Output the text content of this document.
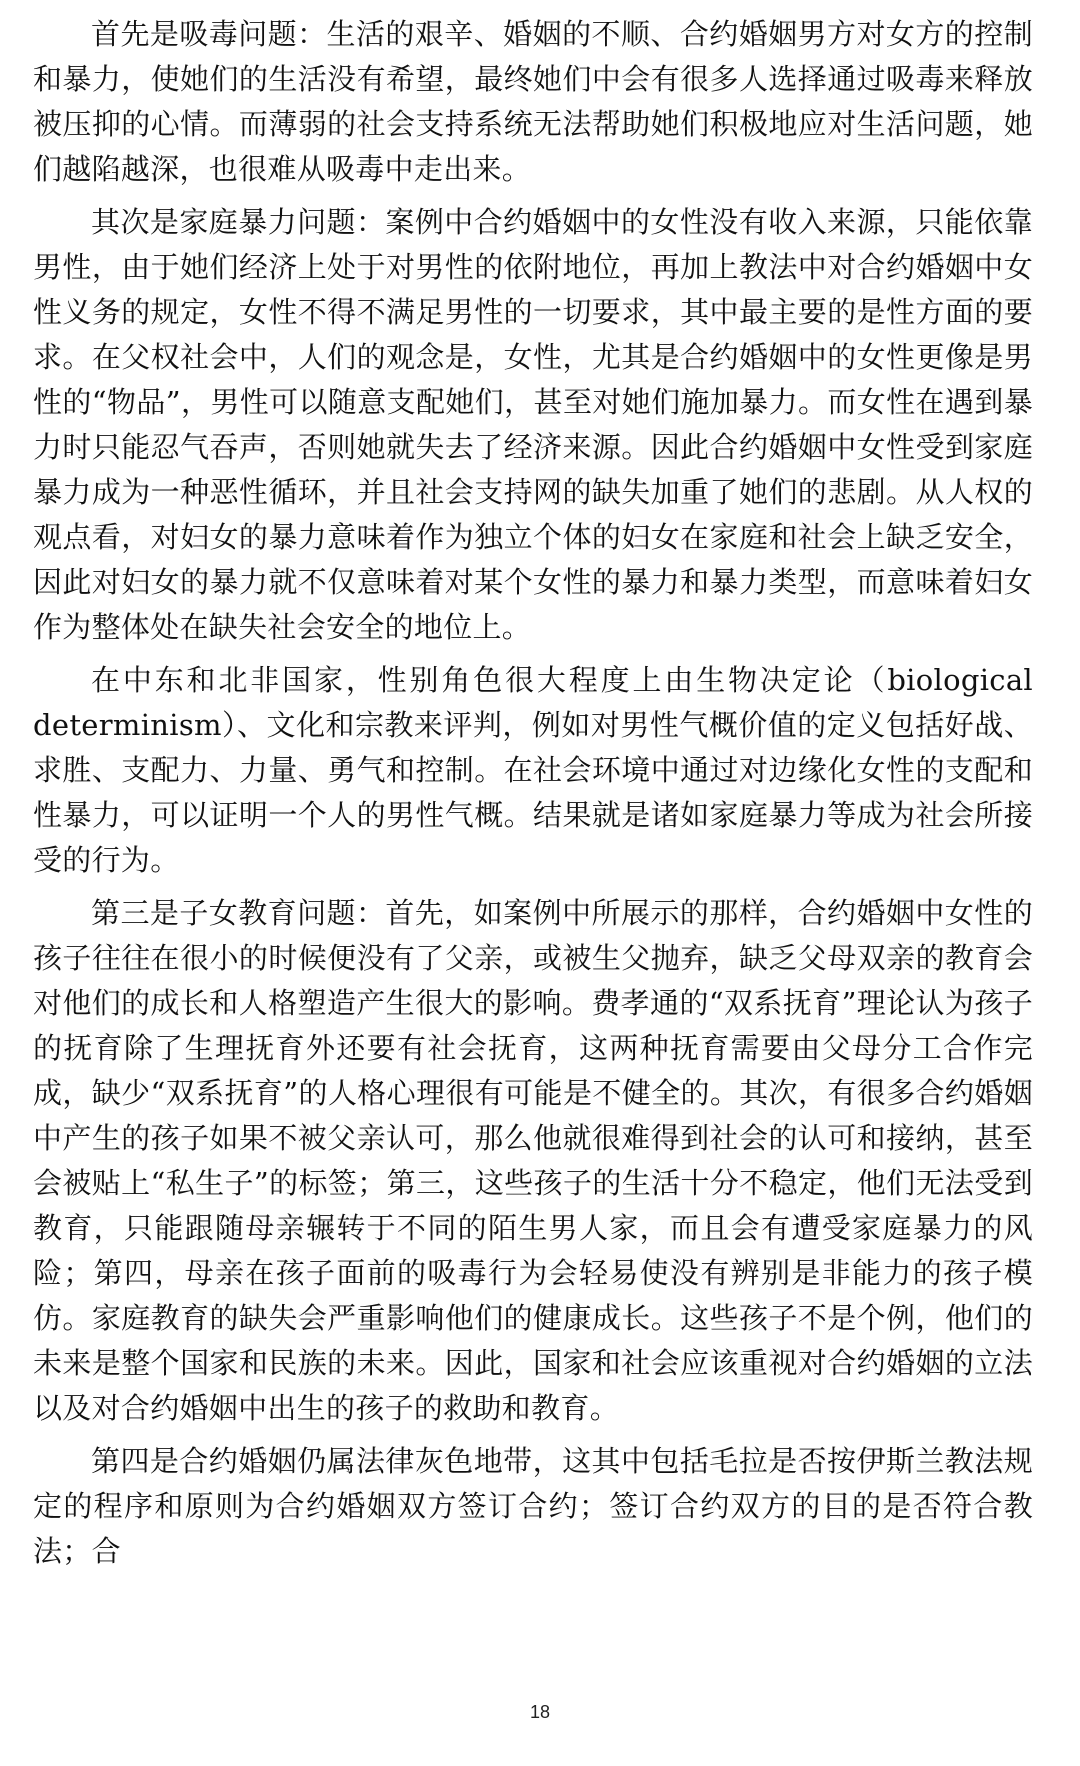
首先是吸毒问题：生活的艰辛、婚姻的不顺、合约婚姻男方对女方的控制和暴力，使她们的生活没有希望，最终她们中会有很多人选择通过吸毒来释放被压抑的心情。而薄弱的社会支持系统无法帮助她们积极地应对生活问题，她们越陷越深，也很难从吸毒中走出来。

其次是家庭暴力问题：案例中合约婚姻中的女性没有收入来源，只能依靠男性，由于她们经济上处于对男性的依附地位，再加上教法中对合约婚姻中女性义务的规定，女性不得不满足男性的一切要求，其中最主要的是性方面的要求。在父权社会中，人们的观念是，女性，尤其是合约婚姻中的女性更像是男性的“物品”，男性可以随意支配她们，甚至对她们施加暴力。而女性在遇到暴力时只能忍气吞声，否则她就失去了经济来源。因此合约婚姻中女性受到家庭暴力成为一种恶性循环，并且社会支持网的缺失加重了她们的悲剧。从人权的观点看，对妇女的暴力意味着作为独立个体的妇女在家庭和社会上缺乏安全，因此对妇女的暴力就不仅意味着对某个女性的暴力和暴力类型，而意味着妇女作为整体处在缺失社会安全的地位上。

在中东和北非国家，性别角色很大程度上由生物决定论（biological determinism）、文化和宗教来评判，例如对男性气概价值的定义包括好战、求胜、支配力、力量、勇气和控制。在社会环境中通过对边缘化女性的支配和性暴力，可以证明一个人的男性气概。结果就是诸如家庭暴力等成为社会所接受的行为。

第三是子女教育问题：首先，如案例中所展示的那样，合约婚姻中女性的孩子往往在很小的时候便没有了父亲，或被生父抛弃，缺乏父母双亲的教育会对他们的成长和人格塑造产生很大的影响。费孝通的“双系抚育”理论认为孩子的抚育除了生理抚育外还要有社会抚育，这两种抚育需要由父母分工合作完成，缺少“双系抚育”的人格心理很有可能是不健全的。其次，有很多合约婚姻中产生的孩子如果不被父亲认可，那么他就很难得到社会的认可和接纳，甚至会被贴上“私生子”的标签；第三，这些孩子的生活十分不稳定，他们无法受到教育，只能跟随母亲辗转于不同的陌生男人家，而且会有遭受家庭暴力的风险；第四，母亲在孩子面前的吸毒行为会轻易使没有辨别是非能力的孩子模仿。家庭教育的缺失会严重影响他们的健康成长。这些孩子不是个例，他们的未来是整个国家和民族的未来。因此，国家和社会应该重视对合约婚姻的立法以及对合约婚姻中出生的孩子的救助和教育。

第四是合约婚姻仍属法律灰色地带，这其中包括毛拉是否按伊斯兰教法规定的程序和原则为合约婚姻双方签订合约；签订合约双方的目的是否符合教法；合

18
